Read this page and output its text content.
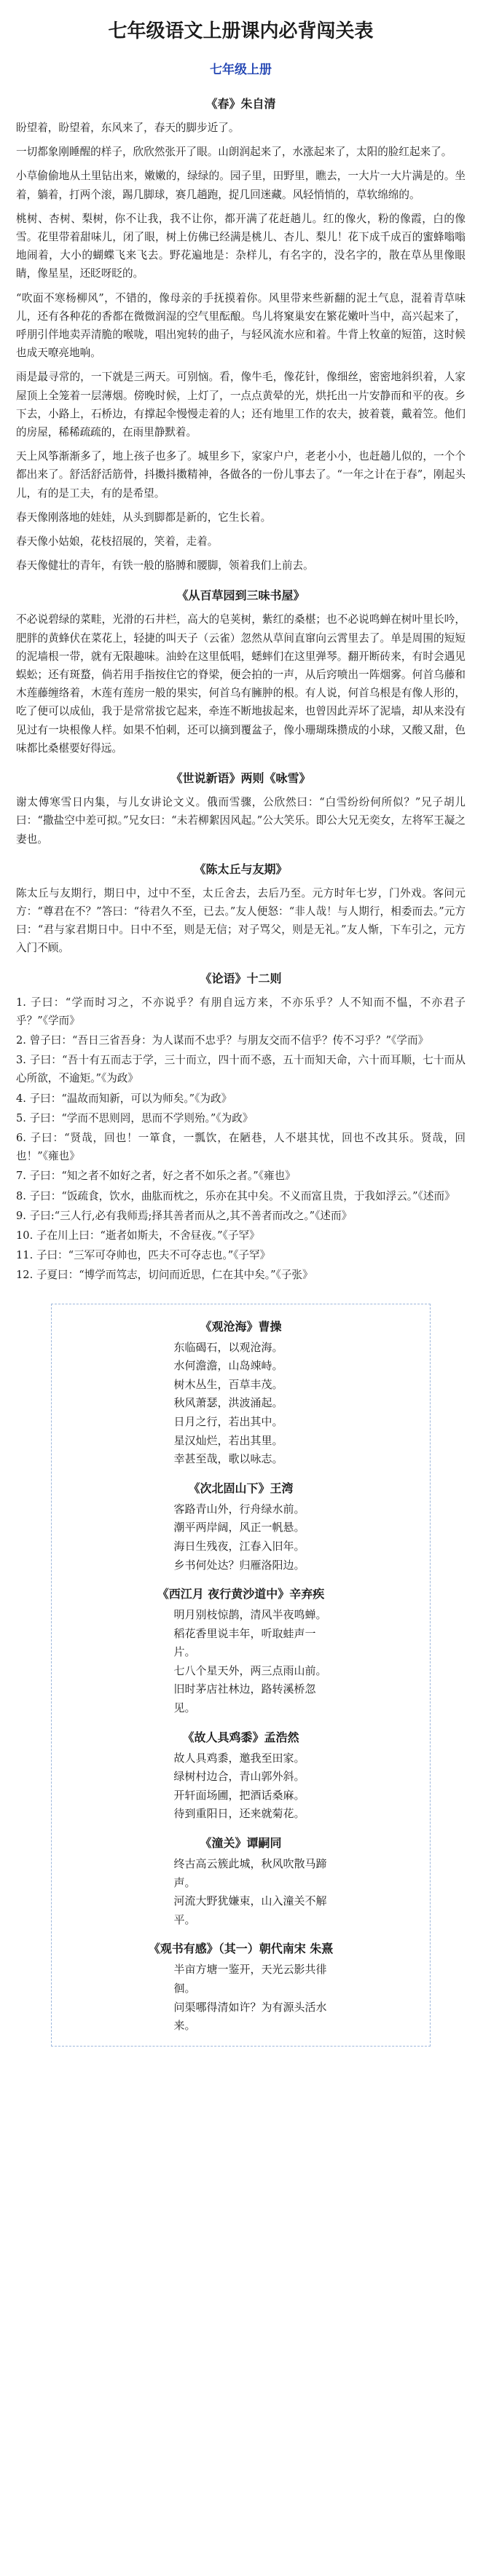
七年级语文上册课内必背闯关表
七年级上册
《春》朱自清

盼望着，盼望着，东风来了，春天的脚步近了。

一切都象刚睡醒的样子，欣欣然张开了眼。山朗润起来了，水涨起来了，太阳的脸红起来了。

小草偷偷地从土里钻出来，嫩嫩的，绿绿的。园子里，田野里，瞧去，一大片一大片满是的。坐着，躺着，打两个滚，踢几脚球，赛几趟跑，捉几回迷藏。风轻悄悄的，草软绵绵的。

桃树、杏树、梨树，你不让我，我不让你，都开满了花赶趟儿。红的像火，粉的像霞，白的像雪。花里带着甜味儿，闭了眼，树上仿佛已经满是桃儿、杏儿、梨儿！花下成千成百的蜜蜂嗡嗡地闹着，大小的蝴蝶飞来飞去。野花遍地是：杂样儿，有名字的，没名字的，散在草丛里像眼睛，像星星，还眨呀眨的。

“吹面不寒杨柳风”，不错的，像母亲的手抚摸着你。风里带来些新翻的泥土气息，混着青草味儿，还有各种花的香都在微微润湿的空气里酝酿。鸟儿将窠巢安在繁花嫩叶当中，高兴起来了，呼朋引伴地卖弄清脆的喉咙，唱出宛转的曲子，与轻风流水应和着。牛背上牧童的短笛，这时候也成天嘹亮地响。

雨是最寻常的，一下就是三两天。可别恼。看，像牛毛，像花针，像细丝，密密地斜织着，人家屋顶上全笼着一层薄烟。傍晚时候，上灯了，一点点黄晕的光，烘托出一片安静而和平的夜。乡下去，小路上，石桥边，有撑起伞慢慢走着的人；还有地里工作的农夫，披着蓑，戴着笠。他们的房屋，稀稀疏疏的，在雨里静默着。

天上风筝渐渐多了，地上孩子也多了。城里乡下，家家户户，老老小小，也赶趟儿似的，一个个都出来了。舒活舒活筋骨，抖擞抖擞精神，各做各的一份儿事去了。“一年之计在于春”，刚起头儿，有的是工夫，有的是希望。

春天像刚落地的娃娃，从头到脚都是新的，它生长着。

春天像小姑娘，花枝招展的，笑着，走着。

春天像健壮的青年，有铁一般的胳膊和腰脚，领着我们上前去。

《从百草园到三味书屋》

不必说碧绿的菜畦，光滑的石井栏，高大的皂荚树，紫红的桑椹；也不必说鸣蝉在树叶里长吟，肥胖的黄蜂伏在菜花上，轻捷的叫天子（云雀）忽然从草间直窜向云霄里去了。单是周围的短短的泥墙根一带，就有无限趣味。油蛉在这里低唱，蟋蟀们在这里弹琴。翻开断砖来，有时会遇见蜈蚣；还有斑蝥，倘若用手指按住它的脊梁，便会拍的一声，从后窍喷出一阵烟雾。何首乌藤和木莲藤缠络着，木莲有莲房一般的果实，何首乌有臃肿的根。有人说，何首乌根是有像人形的，吃了便可以成仙，我于是常常拔它起来，牵连不断地拔起来，也曾因此弄坏了泥墙，却从来没有见过有一块根像人样。如果不怕刺，还可以摘到覆盆子，像小珊瑚珠攒成的小球，又酸又甜，色味都比桑椹要好得远。

《世说新语》两则《咏雪》

谢太傅寒雪日内集，与儿女讲论文义。俄而雪骤，公欣然曰：“白雪纷纷何所似？”兄子胡儿曰：“撒盐空中差可拟。”兄女曰：“未若柳絮因风起。”公大笑乐。即公大兄无奕女，左将军王凝之妻也。

《陈太丘与友期》

陈太丘与友期行，期日中，过中不至，太丘舍去，去后乃至。元方时年七岁，门外戏。客问元方：“尊君在不？”答曰：“待君久不至，已去。”友人便怒：“非人哉！与人期行，相委而去。”元方曰：“君与家君期日中。日中不至，则是无信；对子骂父，则是无礼。”友人惭，下车引之，元方入门不顾。

《论语》十二则

1. 子曰：“学而时习之，不亦说乎？有朋自远方来，不亦乐乎？人不知而不愠，不亦君子乎？”《学而》

2. 曾子曰：“吾日三省吾身：为人谋而不忠乎？与朋友交而不信乎？传不习乎？”《学而》

3. 子曰：“吾十有五而志于学，三十而立，四十而不惑，五十而知天命，六十而耳顺，七十而从心所欲，不逾矩。”《为政》

4. 子曰：“温故而知新，可以为师矣。”《为政》

5. 子曰：“学而不思则罔，思而不学则殆。”《为政》

6. 子曰：“贤哉，回也！一箪食，一瓢饮，在陋巷，人不堪其忧，回也不改其乐。贤哉，回也！”《雍也》

7. 子曰：“知之者不如好之者，好之者不如乐之者。”《雍也》

8. 子曰：“饭疏食，饮水，曲肱而枕之，乐亦在其中矣。不义而富且贵，于我如浮云。”《述而》

9. 子曰:“三人行,必有我师焉;择其善者而从之,其不善者而改之。”《述而》

10. 子在川上曰：“逝者如斯夫，不舍昼夜。”《子罕》

11. 子曰：“三军可夺帅也，匹夫不可夺志也。”《子罕》

12. 子夏曰：“博学而笃志，切问而近思，仁在其中矣。”《子张》

《观沧海》曹操
东临碣石，以观沧海。
水何澹澹，山岛竦峙。
树木丛生，百草丰茂。
秋风萧瑟，洪波涌起。
日月之行，若出其中。
星汉灿烂，若出其里。
幸甚至哉，歌以咏志。
《次北固山下》王湾
客路青山外，行舟绿水前。
潮平两岸阔，风正一帆悬。
海日生残夜，江春入旧年。
乡书何处达？归雁洛阳边。
《西江月 夜行黄沙道中》辛弃疾
明月别枝惊鹊，清风半夜鸣蝉。
稻花香里说丰年，听取蛙声一片。
七八个星天外，两三点雨山前。
旧时茅店社林边，路转溪桥忽见。
《故人具鸡黍》孟浩然
故人具鸡黍，邀我至田家。
绿树村边合，青山郭外斜。
开轩面场圃，把酒话桑麻。
待到重阳日，还来就菊花。
《潼关》谭嗣同
终古高云簇此城，秋风吹散马蹄声。
河流大野犹嫌束，山入潼关不解平。
《观书有感》（其一）朝代南宋 朱熹
半亩方塘一鉴开，天光云影共徘徊。
问渠哪得清如许？为有源头活水来。
